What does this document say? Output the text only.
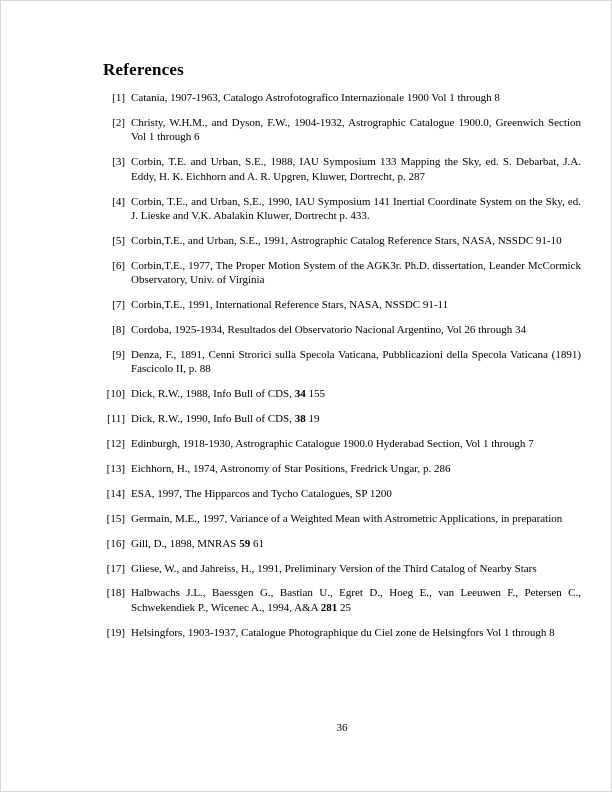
References
[1] Catania, 1907-1963, Catalogo Astrofotografico Internazionale 1900 Vol 1 through 8
[2] Christy, W.H.M., and Dyson, F.W., 1904-1932, Astrographic Catalogue 1900.0, Greenwich Section Vol 1 through 6
[3] Corbin, T.E. and Urban, S.E., 1988, IAU Symposium 133 Mapping the Sky, ed. S. Debarbat, J.A. Eddy, H. K. Eichhorn and A. R. Upgren, Kluwer, Dortrecht, p. 287
[4] Corbin, T.E., and Urban, S.E., 1990, IAU Symposium 141 Inertial Coordinate System on the Sky, ed. J. Lieske and V.K. Abalakin Kluwer, Dortrecht p. 433.
[5] Corbin,T.E., and Urban, S.E., 1991, Astrographic Catalog Reference Stars, NASA, NSSDC 91-10
[6] Corbin,T.E., 1977, The Proper Motion System of the AGK3r. Ph.D. dissertation, Leander McCormick Observatory, Univ. of Virginia
[7] Corbin,T.E., 1991, International Reference Stars, NASA, NSSDC 91-11
[8] Cordoba, 1925-1934, Resultados del Observatorio Nacional Argentino, Vol 26 through 34
[9] Denza, F., 1891, Cenni Strorici sulla Specola Vaticana, Pubblicazioni della Specola Vaticana (1891) Fascicolo II, p. 88
[10] Dick, R.W., 1988, Info Bull of CDS, 34 155
[11] Dick, R.W., 1990, Info Bull of CDS, 38 19
[12] Edinburgh, 1918-1930, Astrographic Catalogue 1900.0 Hyderabad Section, Vol 1 through 7
[13] Eichhorn, H., 1974, Astronomy of Star Positions, Fredrick Ungar, p. 286
[14] ESA, 1997, The Hipparcos and Tycho Catalogues, SP 1200
[15] Germain, M.E., 1997, Variance of a Weighted Mean with Astrometric Applications, in preparation
[16] Gill, D., 1898, MNRAS 59 61
[17] Gliese, W., and Jahreiss, H., 1991, Preliminary Version of the Third Catalog of Nearby Stars
[18] Halbwachs J.L., Baessgen G., Bastian U., Egret D., Hoeg E., van Leeuwen F., Petersen C., Schwekendiek P., Wicenec A., 1994, A&A 281 25
[19] Helsingfors, 1903-1937, Catalogue Photographique du Ciel zone de Helsingfors Vol 1 through 8
36
